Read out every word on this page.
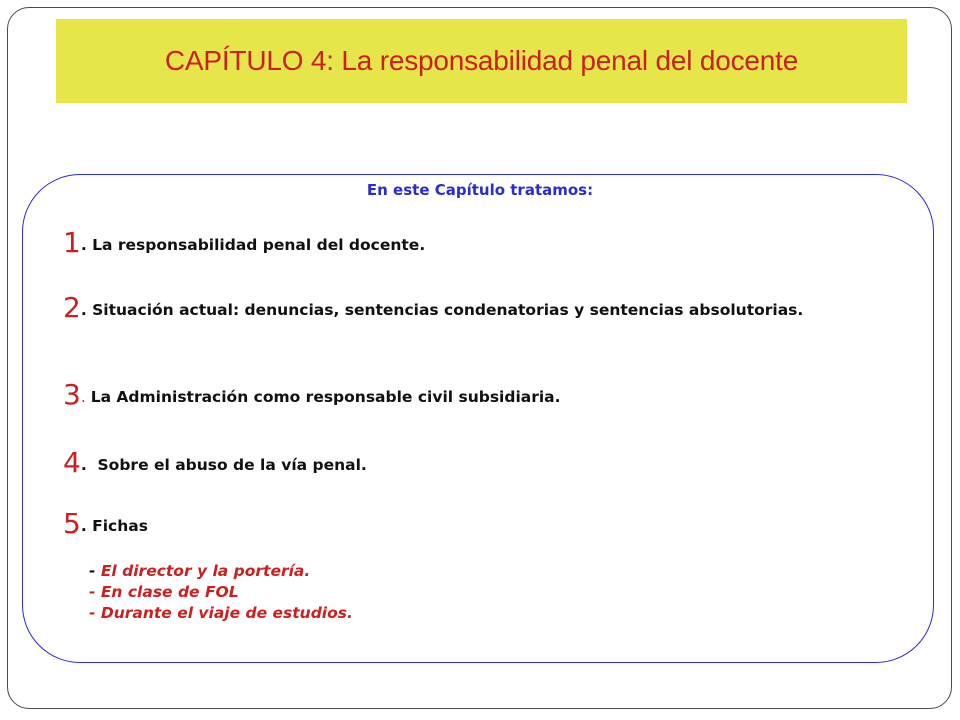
CAPÍTULO 4: La responsabilidad penal del docente
En este Capítulo tratamos:
1. La responsabilidad penal del docente.
2. Situación actual: denuncias, sentencias condenatorias y sentencias absolutorias.
3. La Administración como responsable civil subsidiaria.
4.  Sobre el abuso de la vía penal.
5. Fichas
- El director y la portería.
- En clase de FOL
- Durante el viaje de estudios.
